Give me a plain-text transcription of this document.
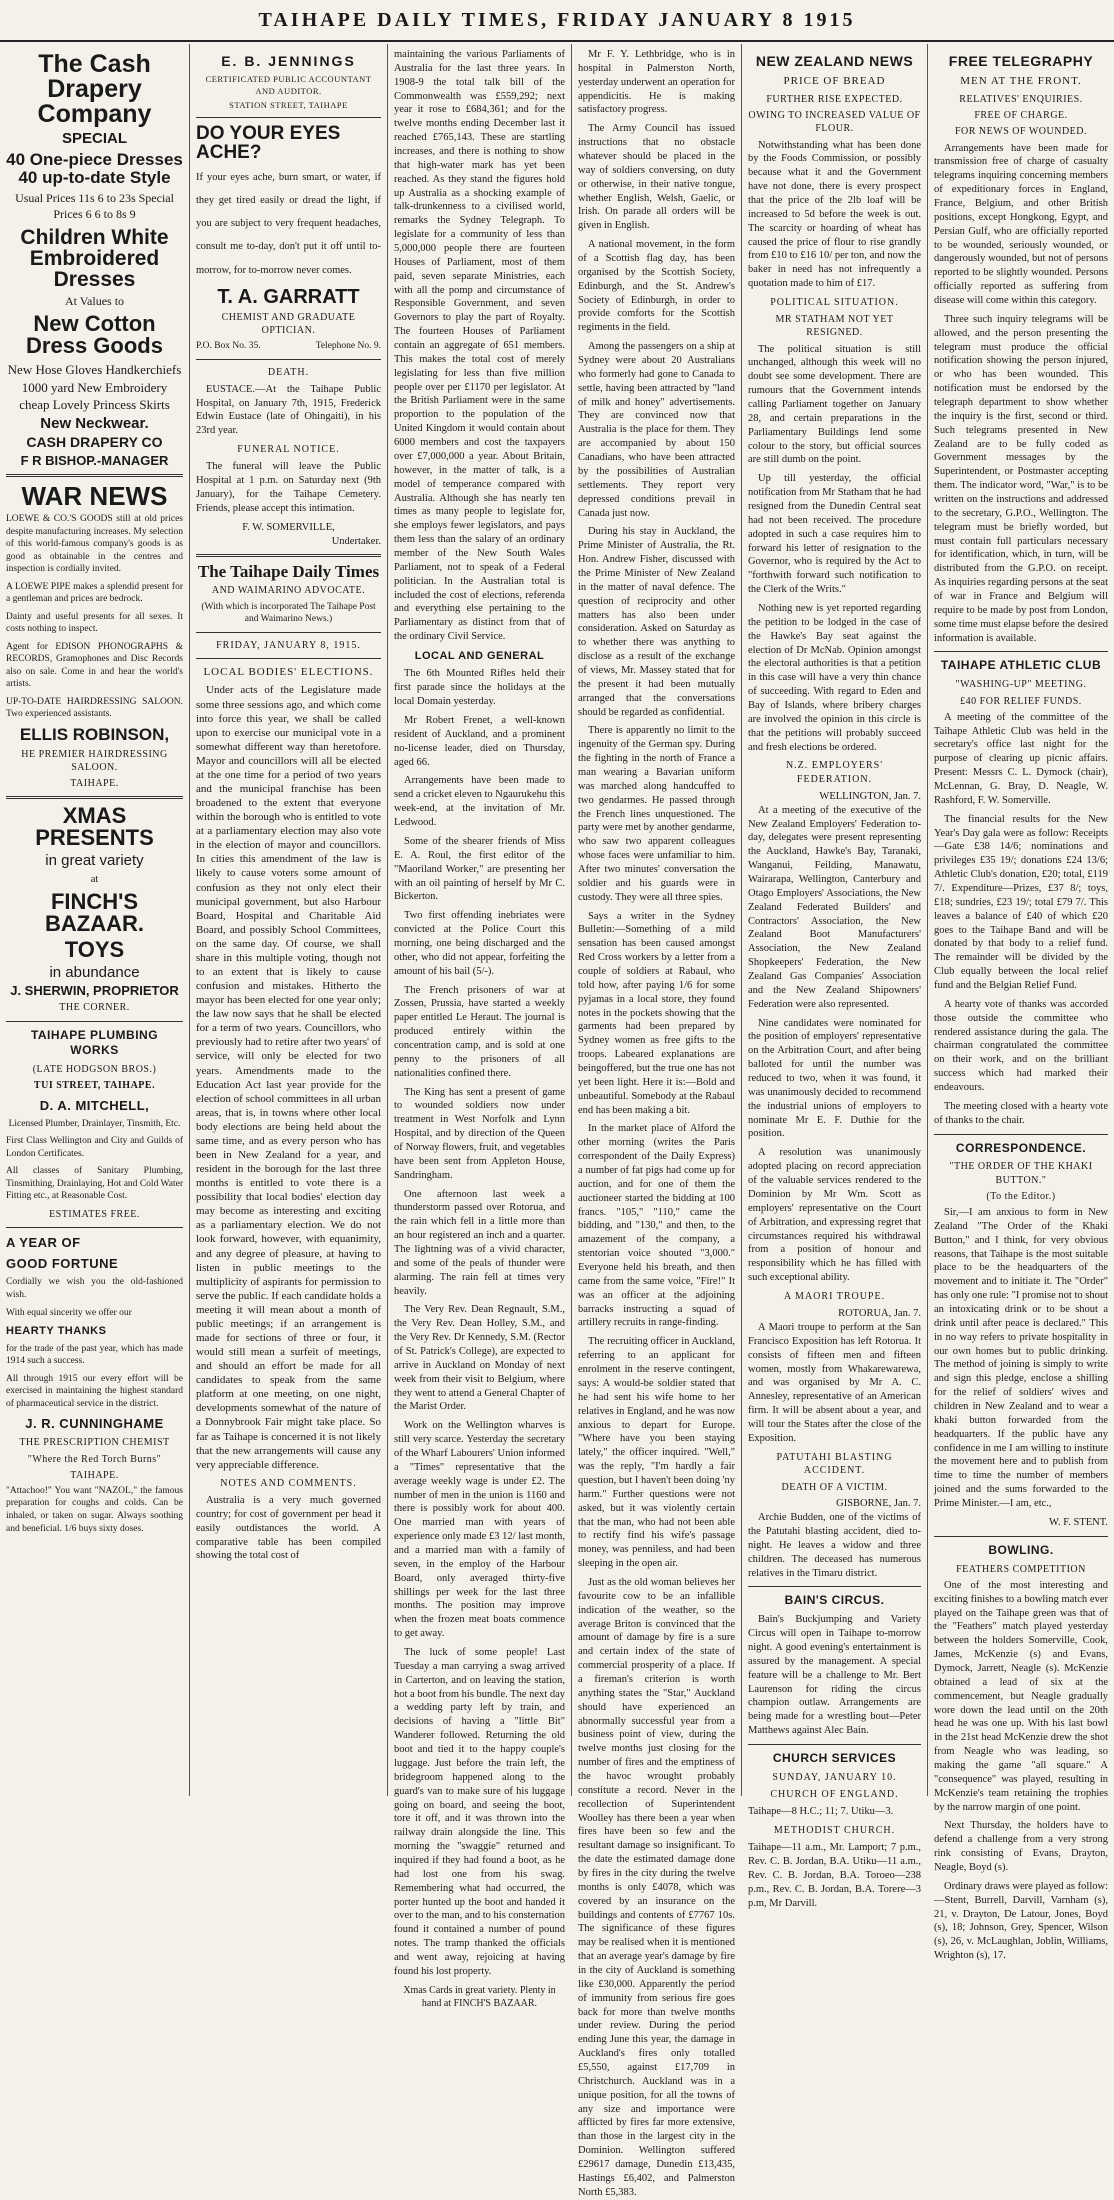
TAIHAPE DAILY TIMES, FRIDAY JANUARY 8 1915
The Cash Drapery Company
SPECIAL
40 One-piece Dresses 40 up-to-date Style
Usual Prices 11s 6 to 23s Special Prices 6 6 to 8s 9
Children White Embroidered Dresses
At Values to
New Cotton Dress Goods
New Hose Gloves Handkerchiefs 1000 yard New Embroidery cheap Lovely Princess Skirts
New Neckwear.
CASH DRAPERY CO
F R BISHOP.-MANAGER
WAR NEWS

LOEWE & CO.'S GOODS still at old prices despite manufacturing increases. My selection of this world-famous company's goods is as good as obtainable in the centres and inspection is cordially invited.

A LOEWE PIPE makes a splendid present for a gentleman and prices are bedrock.

Dainty and useful presents for all sexes. It costs nothing to inspect.

Agent for EDISON PHONOGRAPHS & RECORDS, Gramophones and Disc Records also on sale. Come in and hear the world's artists.

UP-TO-DATE HAIRDRESSING SALOON. Two experienced assistants.

ELLIS ROBINSON,
HE PREMIER HAIRDRESSING SALOON.
TAIHAPE.
XMAS PRESENTS
in great variety
at
FINCH'S BAZAAR.
TOYS
in abundance
J. SHERWIN, PROPRIETOR
THE CORNER.
TAIHAPE PLUMBING WORKS
(LATE HODGSON BROS.)
TUI STREET, TAIHAPE.
D. A. MITCHELL,

Licensed Plumber, Drainlayer, Tinsmith, Etc.

First Class Wellington and City and Guilds of London Certificates.

All classes of Sanitary Plumbing, Tinsmithing, Drainlaying, Hot and Cold Water Fitting etc., at Reasonable Cost.

ESTIMATES FREE.
A YEAR OF
GOOD FORTUNE

Cordially we wish you the old-fashioned wish.

With equal sincerity we offer our

HEARTY THANKS

for the trade of the past year, which has made 1914 such a success.

All through 1915 our every effort will be exercised in maintaining the highest standard of pharmaceutical service in the district.

J. R. CUNNINGHAME
THE PRESCRIPTION CHEMIST
"Where the Red Torch Burns"
TAIHAPE.

"Attachoo!" You want "NAZOL," the famous preparation for coughs and colds. Can be inhaled, or taken on sugar. Always soothing and beneficial. 1/6 buys sixty doses.

E. B. JENNINGS
CERTIFICATED PUBLIC ACCOUNTANT AND AUDITOR.
STATION STREET, TAIHAPE
DO YOUR EYES ACHE?

If your eyes ache, burn smart, or water, if they get tired easily or dread the light, if you are subject to very frequent headaches, consult me to-day, don't put it off until to-morrow, for to-morrow never comes.

T. A. GARRATT
CHEMIST AND GRADUATE OPTICIAN.
P.O. Box No. 35.	Telephone No. 9.
DEATH.

EUSTACE.—At the Taihape Public Hospital, on January 7th, 1915, Frederick Edwin Eustace (late of Ohingaiti), in his 23rd year.

FUNERAL NOTICE.

The funeral will leave the Public Hospital at 1 p.m. on Saturday next (9th January), for the Taihape Cemetery. Friends, please accept this intimation.

F. W. SOMERVILLE,
Undertaker.
The Taihape Daily Times
AND WAIMARINO ADVOCATE.

(With which is incorporated The Taihape Post and Waimarino News.)

FRIDAY, JANUARY 8, 1915.
LOCAL BODIES' ELECTIONS.

Under acts of the Legislature made some three sessions ago, and which come into force this year, we shall be called upon to exercise our municipal vote in a somewhat different way than heretofore. Mayor and councillors will all be elected at the one time for a period of two years and the municipal franchise has been broadened to the extent that everyone within the borough who is entitled to vote at a parliamentary election may also vote in the election of mayor and councillors. In cities this amendment of the law is likely to cause voters some amount of confusion as they not only elect their municipal government, but also Harbour Board, Hospital and Charitable Aid Board, and possibly School Committees, on the same day. Of course, we shall share in this multiple voting, though not to an extent that is likely to cause confusion and mistakes. Hitherto the mayor has been elected for one year only; the law now says that he shall be elected for a term of two years. Councillors, who previously had to retire after two years' of service, will only be elected for two years. Amendments made to the Education Act last year provide for the election of school committees in all urban areas, that is, in towns where other local body elections are being held about the same time, and as every person who has been in New Zealand for a year, and resident in the borough for the last three months is entitled to vote there is a possibility that local bodies' election day may become as interesting and exciting as a parliamentary election. We do not look forward, however, with equanimity, and any degree of pleasure, at having to listen in public meetings to the multiplicity of aspirants for permission to serve the public. If each candidate holds a meeting it will mean about a month of public meetings; if an arrangement is made for sections of three or four, it would still mean a surfeit of meetings, and should an effort be made for all candidates to speak from the same platform at one meeting, on one night, developments somewhat of the nature of a Donnybrook Fair might take place. So far as Taihape is concerned it is not likely that the new arrangements will cause any very appreciable difference.

NOTES AND COMMENTS.

Australia is a very much governed country; for cost of government per head it easily outdistances the world. A comparative table has been compiled showing the total cost of

maintaining the various Parliaments of Australia for the last three years. In 1908-9 the total talk bill of the Commonwealth was £559,292; next year it rose to £684,361; and for the twelve months ending December last it reached £765,143. These are startling increases, and there is nothing to show that high-water mark has yet been reached. As they stand the figures hold up Australia as a shocking example of talk-drunkenness to a civilised world, remarks the Sydney Telegraph. To legislate for a community of less than 5,000,000 people there are fourteen Houses of Parliament, most of them paid, seven separate Ministries, each with all the pomp and circumstance of Responsible Government, and seven Governors to play the part of Royalty. The fourteen Houses of Parliament contain an aggregate of 651 members. This makes the total cost of merely legislating for less than five million people over per £1170 per legislator. At the British Parliament were in the same proportion to the population of the United Kingdom it would contain about 6000 members and cost the taxpayers over £7,000,000 a year. About Britain, however, in the matter of talk, is a model of temperance compared with Australia. Although she has nearly ten times as many people to legislate for, she employs fewer legislators, and pays them less than the salary of an ordinary member of the New South Wales Parliament, not to speak of a Federal politician. In the Australian total is included the cost of elections, referenda and everything else pertaining to the Parliamentary as distinct from that of the ordinary Civil Service.

LOCAL AND GENERAL

The 6th Mounted Rifles held their first parade since the holidays at the local Domain yesterday.

Mr Robert Frenet, a well-known resident of Auckland, and a prominent no-license leader, died on Thursday, aged 66.

Arrangements have been made to send a cricket eleven to Ngaurukehu this week-end, at the invitation of Mr. Ledwood.

Some of the shearer friends of Miss E. A. Roul, the first editor of the "Maoriland Worker," are presenting her with an oil painting of herself by Mr C. Bickerton.

Two first offending inebriates were convicted at the Police Court this morning, one being discharged and the other, who did not appear, forfeiting the amount of his bail (5/-).

The French prisoners of war at Zossen, Prussia, have started a weekly paper entitled Le Heraut. The journal is produced entirely within the concentration camp, and is sold at one penny to the prisoners of all nationalities confined there.

The King has sent a present of game to wounded soldiers now under treatment in West Norfolk and Lynn Hospital, and by direction of the Queen of Norway flowers, fruit, and vegetables have been sent from Appleton House, Sandringham.

One afternoon last week a thunderstorm passed over Rotorua, and the rain which fell in a little more than an hour registered an inch and a quarter. The lightning was of a vivid character, and some of the peals of thunder were alarming. The rain fell at times very heavily.

The Very Rev. Dean Regnault, S.M., the Very Rev. Dean Holley, S.M., and the Very Rev. Dr Kennedy, S.M. (Rector of St. Patrick's College), are expected to arrive in Auckland on Monday of next week from their visit to Belgium, where they went to attend a General Chapter of the Marist Order.

Work on the Wellington wharves is still very scarce. Yesterday the secretary of the Wharf Labourers' Union informed a "Times" representative that the average weekly wage is under £2. The number of men in the union is 1160 and there is possibly work for about 400. One married man with years of experience only made £3 12/ last month, and a married man with a family of seven, in the employ of the Harbour Board, only averaged thirty-five shillings per week for the last three months. The position may improve when the frozen meat boats commence to get away.

The luck of some people! Last Tuesday a man carrying a swag arrived in Carterton, and on leaving the station, hot a boot from his bundle. The next day a wedding party left by train, and decisions of having a "little Bit" Wanderer followed. Returning the old boot and tied it to the happy couple's luggage. Just before the train left, the bridegroom happened along to the guard's van to make sure of his luggage going on board, and seeing the boot, tore it off, and it was thrown into the railway drain alongside the line. This morning the "swaggie" returned and inquired if they had found a boot, as he had lost one from his swag. Remembering what had occurred, the porter hunted up the boot and handed it over to the man, and to his consternation found it contained a number of pound notes. The tramp thanked the officials and went away, rejoicing at having found his lost property.

Xmas Cards in great variety. Plenty in hand at FINCH'S BAZAAR.

Mr F. Y. Lethbridge, who is in hospital in Palmerston North, yesterday underwent an operation for appendicitis. He is making satisfactory progress.

The Army Council has issued instructions that no obstacle whatever should be placed in the way of soldiers conversing, on duty or otherwise, in their native tongue, whether English, Welsh, Gaelic, or Irish. On parade all orders will be given in English.

A national movement, in the form of a Scottish flag day, has been organised by the Scottish Society, Edinburgh, and the St. Andrew's Society of Edinburgh, in order to provide comforts for the Scottish regiments in the field.

Among the passengers on a ship at Sydney were about 20 Australians who formerly had gone to Canada to settle, having been attracted by "land of milk and honey" advertisements. They are convinced now that Australia is the place for them. They are accompanied by about 150 Canadians, who have been attracted by the possibilities of Australian settlements. They report very depressed conditions prevail in Canada just now.

During his stay in Auckland, the Prime Minister of Australia, the Rt. Hon. Andrew Fisher, discussed with the Prime Minister of New Zealand in the matter of naval defence. The question of reciprocity and other matters has also been under consideration. Asked on Saturday as to whether there was anything to disclose as a result of the exchange of views, Mr. Massey stated that for the present it had been mutually arranged that the conversations should be regarded as confidential.

There is apparently no limit to the ingenuity of the German spy. During the fighting in the north of France a man wearing a Bavarian uniform was marched along handcuffed to two gendarmes. He passed through the French lines unquestioned. The party were met by another gendarme, who saw two apparent colleagues whose faces were unfamiliar to him. After two minutes' conversation the soldier and his guards were in custody. They were all three spies.

Says a writer in the Sydney Bulletin:—Something of a mild sensation has been caused amongst Red Cross workers by a letter from a couple of soldiers at Rabaul, who told how, after paying 1/6 for some pyjamas in a local store, they found notes in the pockets showing that the garments had been prepared by Sydney women as free gifts to the troops. Labeared explanations are beingoffered, but the true one has not yet been light. Here it is:—Bold and unbeautiful. Somebody at the Rabaul end has been making a bit.

In the market place of Alford the other morning (writes the Paris correspondent of the Daily Express) a number of fat pigs had come up for auction, and for one of them the auctioneer started the bidding at 100 francs. "105," "110," came the bidding, and "130," and then, to the amazement of the company, a stentorian voice shouted "3,000." Everyone held his breath, and then came from the same voice, "Fire!" It was an officer at the adjoining barracks instructing a squad of artillery recruits in range-finding.

The recruiting officer in Auckland, referring to an applicant for enrolment in the reserve contingent, says: A would-be soldier stated that he had sent his wife home to her relatives in England, and he was now anxious to depart for Europe. "Where have you been staying lately," the officer inquired. "Well," was the reply, "I'm hardly a fair question, but I haven't been doing 'ny harm." Further questions were not asked, but it was violently certain that the man, who had not been able to rectify find his wife's passage money, was penniless, and had been sleeping in the open air.

Just as the old woman believes her favourite cow to be an infallible indication of the weather, so the average Briton is convinced that the amount of damage by fire is a sure and certain index of the state of commercial prosperity of a place. If a fireman's criterion is worth anything states the "Star," Auckland should have experienced an abnormally successful year from a business point of view, during the twelve months just closing for the number of fires and the emptiness of the havoc wrought probably constitute a record. Never in the recollection of Superintendent Woolley has there been a year when fires have been so few and the resultant damage so insignificant. To the date the estimated damage done by fires in the city during the twelve months is only £4078, which was covered by an insurance on the buildings and contents of £7767 10s. The significance of these figures may be realised when it is mentioned that an average year's damage by fire in the city of Auckland is something like £30,000. Apparently the period of immunity from serious fire goes back for more than twelve months under review. During the period ending June this year, the damage in Auckland's fires only totalled £5,550, against £17,709 in Christchurch. Auckland was in a unique position, for all the towns of any size and importance were afflicted by fires far more extensive, than those in the largest city in the Dominion. Wellington suffered £29617 damage, Dunedin £13,435, Hastings £6,402, and Palmerston North £5,383.

NEW ZEALAND NEWS
PRICE OF BREAD
FURTHER RISE EXPECTED.
OWING TO INCREASED VALUE OF FLOUR.

Notwithstanding what has been done by the Foods Commission, or possibly because what it and the Government have not done, there is every prospect that the price of the 2lb loaf will be increased to 5d before the week is out. The scarcity or hoarding of wheat has caused the price of flour to rise grandly from £10 to £16 10/ per ton, and now the baker in need has not infrequently a quotation made to him of £17.

POLITICAL SITUATION.
MR STATHAM NOT YET RESIGNED.

The political situation is still unchanged, although this week will no doubt see some development. There are rumours that the Government intends calling Parliament together on January 28, and certain preparations in the Parliamentary Buildings lend some colour to the story, but official sources are still dumb on the point.

Up till yesterday, the official notification from Mr Statham that he had resigned from the Dunedin Central seat had not been received. The procedure adopted in such a case requires him to forward his letter of resignation to the Governor, who is required by the Act to "forthwith forward such notification to the Clerk of the Writs."

Nothing new is yet reported regarding the petition to be lodged in the case of the Hawke's Bay seat against the election of Dr McNab. Opinion amongst the electoral authorities is that a petition in this case will have a very thin chance of succeeding. With regard to Eden and Bay of Islands, where bribery charges are involved the opinion in this circle is that the petitions will probably succeed and fresh elections be ordered.

N.Z. EMPLOYERS' FEDERATION.
WELLINGTON, Jan. 7.

At a meeting of the executive of the New Zealand Employers' Federation to-day, delegates were present representing the Auckland, Hawke's Bay, Taranaki, Wanganui, Feilding, Manawatu, Wairarapa, Wellington, Canterbury and Otago Employers' Associations, the New Zealand Federated Builders' and Contractors' Association, the New Zealand Boot Manufacturers' Association, the New Zealand Shopkeepers' Federation, the New Zealand Gas Companies' Association and the New Zealand Shipowners' Federation were also represented.

Nine candidates were nominated for the position of employers' representative on the Arbitration Court, and after being balloted for until the number was reduced to two, when it was found, it was unanimously decided to recommend the industrial unions of employers to nominate Mr E. F. Duthie for the position.

A resolution was unanimously adopted placing on record appreciation of the valuable services rendered to the Dominion by Mr Wm. Scott as employers' representative on the Court of Arbitration, and expressing regret that circumstances required his withdrawal from a position of honour and responsibility which he has filled with such exceptional ability.

A MAORI TROUPE.
ROTORUA, Jan. 7.

A Maori troupe to perform at the San Francisco Exposition has left Rotorua. It consists of fifteen men and fifteen women, mostly from Whakarewarewa, and was organised by Mr A. C. Annesley, representative of an American firm. It will be absent about a year, and will tour the States after the close of the Exposition.

PATUTAHI BLASTING ACCIDENT.
DEATH OF A VICTIM.
GISBORNE, Jan. 7.

Archie Budden, one of the victims of the Patutahi blasting accident, died to-night. He leaves a widow and three children. The deceased has numerous relatives in the Timaru district.

BAIN'S CIRCUS.

Bain's Buckjumping and Variety Circus will open in Taihape to-morrow night. A good evening's entertainment is assured by the management. A special feature will be a challenge to Mr. Bert Laurenson for riding the circus champion outlaw. Arrangements are being made for a wrestling bout—Peter Matthews against Alec Bain.

CHURCH SERVICES
SUNDAY, JANUARY 10.
CHURCH OF ENGLAND.

Taihape—8 H.C.; 11; 7. Utiku—3.

METHODIST CHURCH.

Taihape—11 a.m., Mr. Lamport; 7 p.m., Rev. C. B. Jordan, B.A. Utiku—11 a.m., Rev. C. B. Jordan, B.A. Toroeo—238 p.m., Rev. C. B. Jordan, B.A. Torere—3 p.m, Mr Darvill.

FREE TELEGRAPHY
MEN AT THE FRONT.
RELATIVES' ENQUIRIES.
FREE OF CHARGE.
FOR NEWS OF WOUNDED.

Arrangements have been made for transmission free of charge of casualty telegrams inquiring concerning members of expeditionary forces in England, France, Belgium, and other British positions, except Hongkong, Egypt, and Persian Gulf, who are officially reported to be wounded, seriously wounded, or dangerously wounded, but not of persons reported to be slightly wounded. Persons officially reported as suffering from disease will come within this category.

Three such inquiry telegrams will be allowed, and the person presenting the telegram must produce the official notification showing the person injured, or who has been wounded. This notification must be endorsed by the telegraph department to show whether the inquiry is the first, second or third. Such telegrams presented in New Zealand are to be fully coded as Government messages by the Superintendent, or Postmaster accepting them. The indicator word, "War," is to be written on the instructions and addressed to the secretary, G.P.O., Wellington. The telegram must be briefly worded, but must contain full particulars necessary for identification, which, in turn, will be distributed from the G.P.O. on receipt. As inquiries regarding persons at the seat of war in France and Belgium will require to be made by post from London, some time must elapse before the desired information is available.

TAIHAPE ATHLETIC CLUB
"WASHING-UP" MEETING.
£40 FOR RELIEF FUNDS.

A meeting of the committee of the Taihape Athletic Club was held in the secretary's office last night for the purpose of clearing up picnic affairs. Present: Messrs C. L. Dymock (chair), McLennan, G. Bray, D. Neagle, W. Rashford, F. W. Somerville.

The financial results for the New Year's Day gala were as follow: Receipts—Gate £38 14/6; nominations and privileges £35 19/; donations £24 13/6; Athletic Club's donation, £20; total, £119 7/. Expenditure—Prizes, £37 8/; toys, £18; sundries, £23 19/; total £79 7/. This leaves a balance of £40 of which £20 goes to the Taihape Band and will be donated by that body to a relief fund. The remainder will be divided by the Club equally between the local relief fund and the Belgian Relief Fund.

A hearty vote of thanks was accorded those outside the committee who rendered assistance during the gala. The chairman congratulated the committee on their work, and on the brilliant success which had marked their endeavours.

The meeting closed with a hearty vote of thanks to the chair.

CORRESPONDENCE.
"THE ORDER OF THE KHAKI BUTTON."
(To the Editor.)

Sir,—I am anxious to form in New Zealand "The Order of the Khaki Button," and I think, for very obvious reasons, that Taihape is the most suitable place to be the headquarters of the movement and to initiate it. The "Order" has only one rule: "I promise not to shout an intoxicating drink or to be shout a drink until after peace is declared." This in no way refers to private hospitality in our own homes but to public drinking. The method of joining is simply to write and sign this pledge, enclose a shilling for the relief of soldiers' wives and children in New Zealand and to wear a khaki button forwarded from the headquarters. If the public have any confidence in me I am willing to institute the movement here and to publish from time to time the number of members joined and the sums forwarded to the Prime Minister.—I am, etc.,

W. F. STENT.
BOWLING.
FEATHERS COMPETITION

One of the most interesting and exciting finishes to a bowling match ever played on the Taihape green was that of the "Feathers" match played yesterday between the holders Somerville, Cook, James, McKenzie (s) and Evans, Dymock, Jarrett, Neagle (s). McKenzie obtained a lead of six at the commencement, but Neagle gradually wore down the lead until on the 20th head he was one up. With his last bowl in the 21st head McKenzie drew the shot from Neagle who was leading, so making the game "all square." A "consequence" was played, resulting in McKenzie's team retaining the trophies by the narrow margin of one point.

Next Thursday, the holders have to defend a challenge from a very strong rink consisting of Evans, Drayton, Neagle, Boyd (s).

Ordinary draws were played as follow:—Stent, Burrell, Darvill, Varnham (s), 21, v. Drayton, De Latour, Jones, Boyd (s), 18; Johnson, Grey, Spencer, Wilson (s), 26, v. McLaughlan, Joblin, Williams, Wrighton (s), 17.
